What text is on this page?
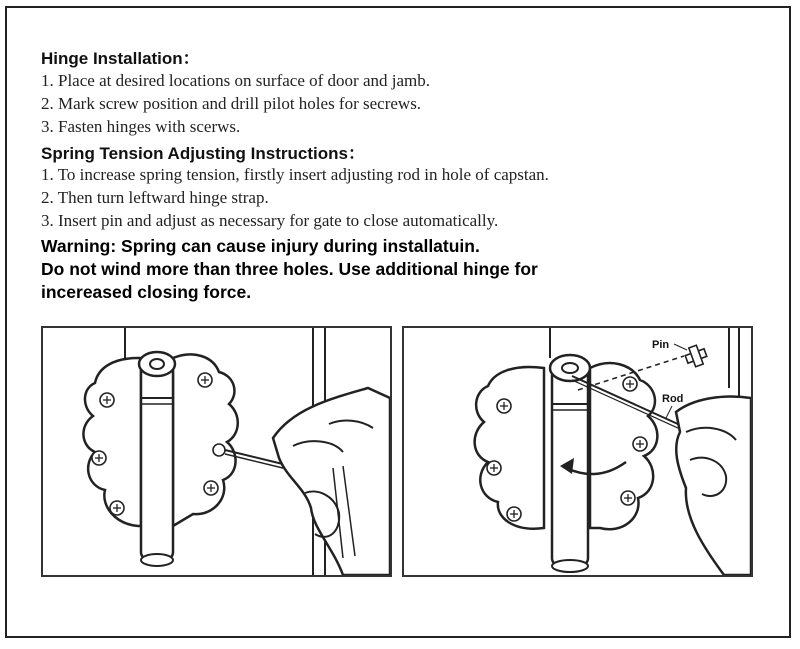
Hinge Installation：
1. Place at desired locations on surface of door and jamb.
2. Mark screw position and drill pilot holes for secrews.
3. Fasten hinges with scerws.
Spring Tension Adjusting Instructions：
1. To increase spring tension, firstly insert adjusting rod in hole of capstan.
2. Then turn leftward hinge strap.
3. Insert pin and adjust as necessary for gate to close automatically.
Warning: Spring can cause injury during installatuin.
Do not wind more than three holes. Use additional hinge for
incereased closing force.
Pin
Rod
